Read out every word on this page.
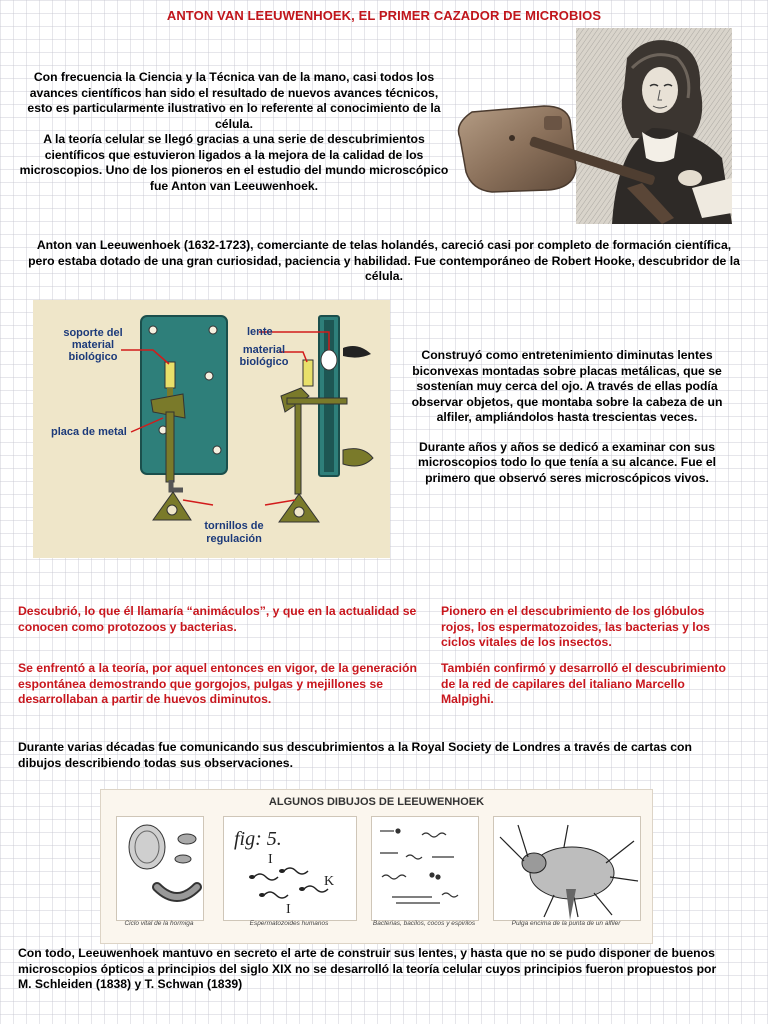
ANTON VAN LEEUWENHOEK, EL PRIMER CAZADOR DE MICROBIOS

Con frecuencia la Ciencia y la Técnica van de la mano, casi todos los avances científicos han sido el resultado de nuevos avances técnicos, esto es particularmente ilustrativo en lo referente al conocimiento de la célula.

A la teoría celular se llegó gracias a una serie de descubrimientos científicos que estuvieron ligados a la mejora de la calidad de los microscopios. Uno de los pioneros en el estudio del mundo microscópico fue Anton van Leeuwenhoek.

Anton van Leeuwenhoek (1632-1723), comerciante de telas holandés, careció casi por completo de formación científica, pero estaba dotado de una gran curiosidad, paciencia y habilidad. Fue contemporáneo de Robert Hooke, descubridor de la célula.
soporte del material biológico
placa de metal
lente
material biológico
tornillos de regulación
Construyó como entretenimiento diminutas lentes biconvexas montadas sobre placas metálicas, que se sostenían muy cerca del ojo. A través de ellas podía observar objetos, que montaba sobre la cabeza de un alfiler, ampliándolos hasta trescientas veces.
Durante años y años se dedicó a examinar con sus microscopios todo lo que tenía a su alcance. Fue el primero que observó seres microscópicos vivos.
Descubrió, lo que él llamaría “animáculos”, y que en la actualidad se conocen como protozoos y bacterias.
Se enfrentó a la teoría, por aquel entonces en vigor, de la generación espontánea demostrando que gorgojos, pulgas y mejillones se desarrollaban a partir de huevos diminutos.
Pionero en el descubrimiento de los glóbulos rojos, los espermatozoides, las bacterias y los ciclos vitales de los insectos.
También confirmó y desarrolló el descubrimiento de la red de capilares del italiano Marcello Malpighi.
Durante varias décadas fue comunicando sus descubrimientos a la Royal Society de Londres a través de cartas con dibujos describiendo todas sus observaciones.
ALGUNOS DIBUJOS DE LEEUWENHOEK
Ciclo vital de la hormiga
fig: 5.
I
K
I
Espermatozoides humanos	Bacterias, bacilos, cocos y espirilos	Pulga encima de la punta de un alfiler
Con todo, Leeuwenhoek mantuvo en secreto el arte de construir sus lentes, y hasta que no se pudo disponer de buenos microscopios ópticos a principios del siglo XIX no se desarrolló la teoría celular cuyos principios fueron propuestos por M. Schleiden (1838) y T. Schwan (1839)
